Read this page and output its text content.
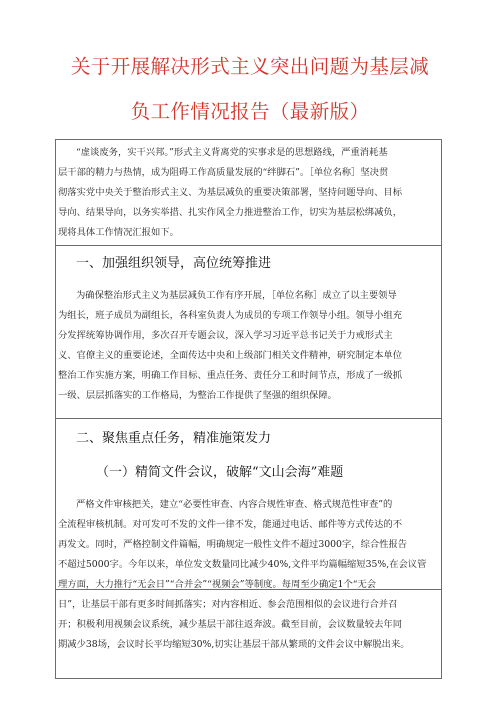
关于开展解决形式主义突出问题为基层减
负工作情况报告（最新版）
“虚谈废务，实干兴邦。”形式主义背离党的实事求是的思想路线，严重消耗基
层干部的精力与热情，成为阻碍工作高质量发展的“绊脚石”。［单位名称］坚决贯
彻落实党中央关于整治形式主义、为基层减负的重要决策部署，坚持问题导向、目标
导向、结果导向，以务实举措、扎实作风全力推进整治工作，切实为基层松绑减负，
现将具体工作情况汇报如下。
一、加强组织领导，高位统筹推进
为确保整治形式主义为基层减负工作有序开展，［单位名称］成立了以主要领导
为组长，班子成员为副组长，各科室负责人为成员的专项工作领导小组。领导小组充
分发挥统筹协调作用，多次召开专题会议，深入学习习近平总书记关于力戒形式主
义、官僚主义的重要论述，全面传达中央和上级部门相关文件精神，研究制定本单位
整治工作实施方案，明确工作目标、重点任务、责任分工和时间节点，形成了一级抓
一级、层层抓落实的工作格局，为整治工作提供了坚强的组织保障。
二、聚焦重点任务，精准施策发力
（一）精简文件会议，破解“文山会海”难题
严格文件审核把关，建立“必要性审查、内容合规性审查、格式规范性审查”的
全流程审核机制。对可发可不发的文件一律不发，能通过电话、邮件等方式传达的不
再发文。同时，严格控制文件篇幅，明确规定一般性文件不超过3000字，综合性报告
不超过5000字。今年以来，单位发文数量同比减少40%,文件平均篇幅缩短35%,在会议管
理方面，大力推行“无会日”“合并会”“视频会”等制度。每周至少确定1个“无会
日”，让基层干部有更多时间抓落实；对内容相近、参会范围相似的会议进行合并召
开；积极利用视频会议系统，减少基层干部往返奔波。截至目前，会议数量较去年同
期减少38场，会议时长平均缩短30%,切实让基层干部从繁琐的文件会议中解脱出来。
